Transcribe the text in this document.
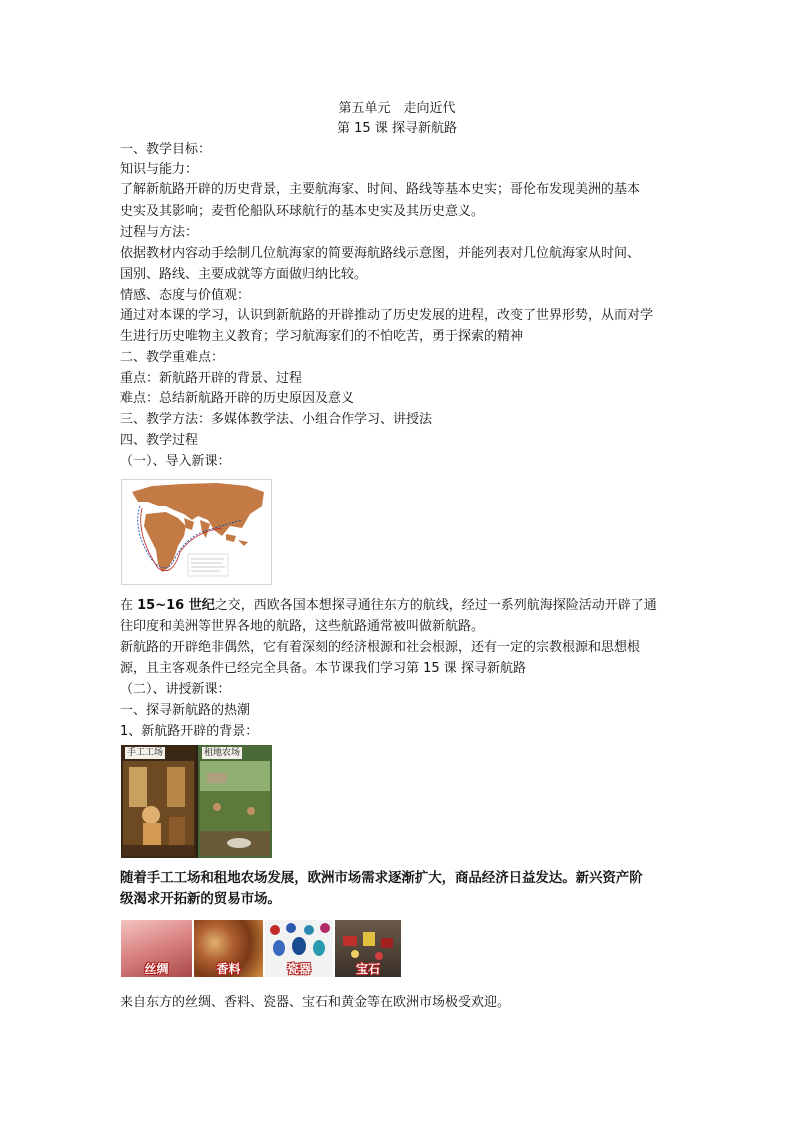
第五单元　走向近代
第 15 课 探寻新航路
一、教学目标：
知识与能力：
了解新航路开辟的历史背景，主要航海家、时间、路线等基本史实；哥伦布发现美洲的基本
史实及其影响；麦哲伦船队环球航行的基本史实及其历史意义。
过程与方法：
依据教材内容动手绘制几位航海家的简要海航路线示意图，并能列表对几位航海家从时间、
国别、路线、主要成就等方面做归纳比较。
情感、态度与价值观：
通过对本课的学习，认识到新航路的开辟推动了历史发展的进程，改变了世界形势，从而对学
生进行历史唯物主义教育；学习航海家们的不怕吃苦，勇于探索的精神
二、教学重难点：
重点：新航路开辟的背景、过程
难点：总结新航路开辟的历史原因及意义
三、教学方法：多媒体教学法、小组合作学习、讲授法
四、教学过程
（一）、导入新课：
在 15~16 世纪之交，西欧各国本想探寻通往东方的航线，经过一系列航海探险活动开辟了通
往印度和美洲等世界各地的航路，这些航路通常被叫做新航路。
新航路的开辟绝非偶然，它有着深刻的经济根源和社会根源，还有一定的宗教根源和思想根
源，且主客观条件已经完全具备。本节课我们学习第 15 课 探寻新航路
（二）、讲授新课：
一、探寻新航路的热潮
1、新航路开辟的背景：
手工工场	租地农场
随着手工工场和租地农场发展，欧洲市场需求逐渐扩大，商品经济日益发达。新兴资产阶
级渴求开拓新的贸易市场。
丝绸	香料	瓷器	宝石
来自东方的丝绸、香料、瓷器、宝石和黄金等在欧洲市场极受欢迎。
